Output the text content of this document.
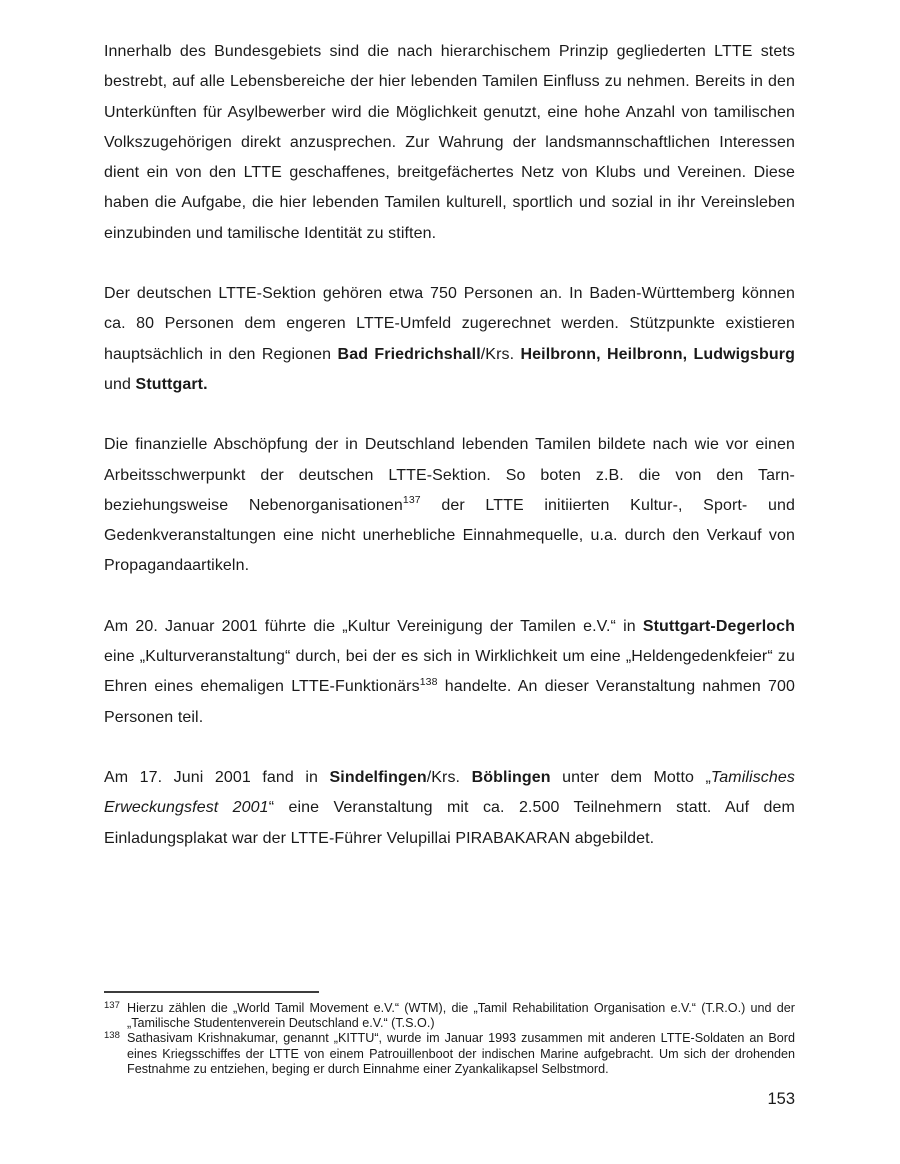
Innerhalb des Bundesgebiets sind die nach hierarchischem Prinzip gegliederten LTTE stets bestrebt, auf alle Lebensbereiche der hier lebenden Tamilen Einfluss zu nehmen. Bereits in den Unterkünften für Asylbewerber wird die Möglichkeit genutzt, eine hohe Anzahl von tamilischen Volkszugehörigen direkt anzusprechen. Zur Wahrung der landsmannschaftlichen Interessen dient ein von den LTTE geschaffenes, breitgefächertes Netz von Klubs und Vereinen. Diese haben die Aufgabe, die hier lebenden Tamilen kulturell, sportlich und sozial in ihr Vereinsleben einzubinden und tamilische Identität zu stiften.

Der deutschen LTTE-Sektion gehören etwa 750 Personen an. In Baden-Württemberg können ca. 80 Personen dem engeren LTTE-Umfeld zugerechnet werden. Stützpunkte existieren hauptsächlich in den Regionen Bad Friedrichshall/Krs. Heilbronn, Heilbronn, Ludwigsburg und Stuttgart.

Die finanzielle Abschöpfung der in Deutschland lebenden Tamilen bildete nach wie vor einen Arbeitsschwerpunkt der deutschen LTTE-Sektion. So boten z.B. die von den Tarn- beziehungsweise Nebenorganisationen$^{137}$ der LTTE initiierten Kultur-, Sport- und Gedenkveranstaltungen eine nicht unerhebliche Einnahmequelle, u.a. durch den Verkauf von Propagandaartikeln.

Am 20. Januar 2001 führte die „Kultur Vereinigung der Tamilen e.V.“ in Stuttgart-Degerloch eine „Kulturveranstaltung“ durch, bei der es sich in Wirklichkeit um eine „Heldengedenkfeier“ zu Ehren eines ehemaligen LTTE-Funktionärs$^{138}$ handelte. An dieser Veranstaltung nahmen 700 Personen teil.

Am 17. Juni 2001 fand in Sindelfingen/Krs. Böblingen unter dem Motto „Tamilisches Erweckungsfest 2001“ eine Veranstaltung mit ca. 2.500 Teilnehmern statt. Auf dem Einladungsplakat war der LTTE-Führer Velupillai PIRABAKARAN abgebildet.

137 Hierzu zählen die „World Tamil Movement e.V.“ (WTM), die „Tamil Rehabilitation Organisation e.V.“ (T.R.O.) und der „Tamilische Studentenverein Deutschland e.V.“ (T.S.O.)
138 Sathasivam Krishnakumar, genannt „KITTU“, wurde im Januar 1993 zusammen mit anderen LTTE-Soldaten an Bord eines Kriegsschiffes der LTTE von einem Patrouillenboot der indischen Marine aufgebracht. Um sich der drohenden Festnahme zu entziehen, beging er durch Einnahme einer Zyankalikapsel Selbstmord.
153
